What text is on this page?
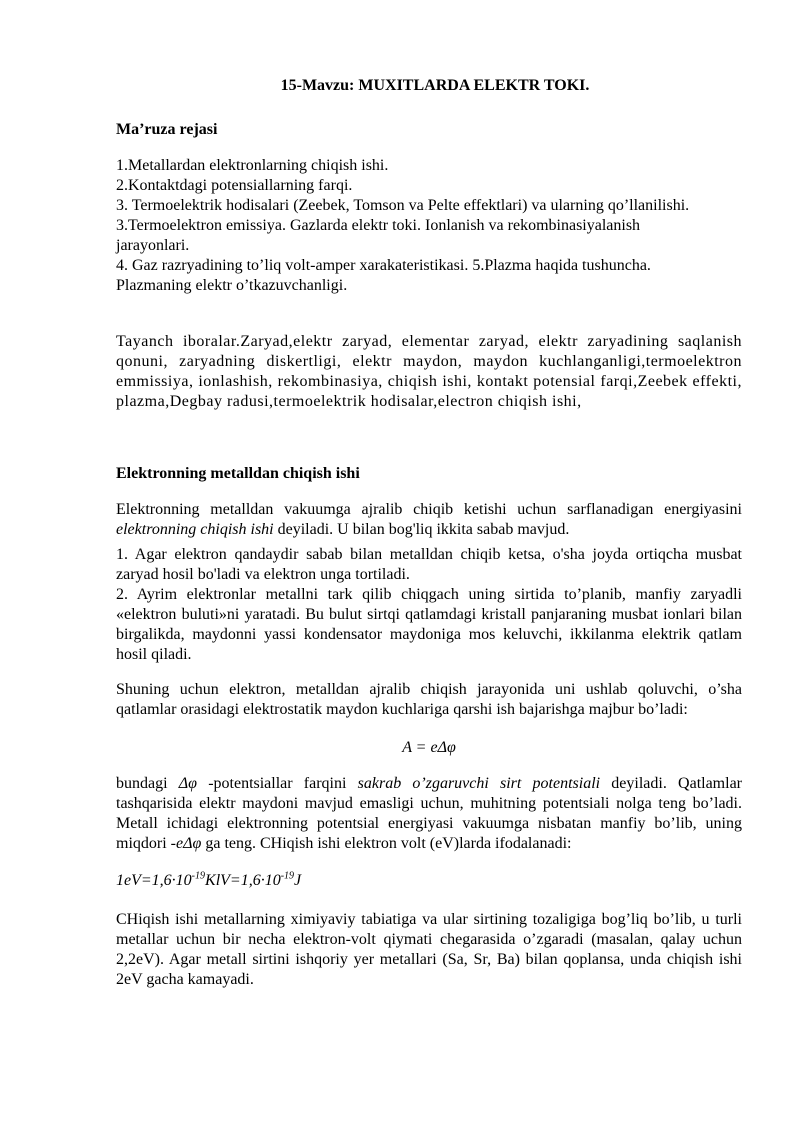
15-Mavzu: MUXITLARDA ELEKTR TOKI.
Ma’ruza rejasi
1.Metallardan elektronlarning chiqish ishi.
2.Kontaktdagi potensiallarning farqi.
3. Termoelektrik hodisalari (Zeebek, Tomson va Pelte effektlari) va ularning qo’llanilishi.
3.Termoelektron emissiya. Gazlarda elektr toki. Ionlanish va rekombinasiyalanish jarayonlari.
4. Gaz razryadining to’liq volt-amper xarakateristikasi. 5.Plazma haqida tushuncha. Plazmaning elektr o’tkazuvchanligi.
Tayanch iboralar.Zaryad,elektr zaryad, elementar zaryad, elektr zaryadining saqlanish qonuni, zaryadning diskertligi, elektr maydon, maydon kuchlanganligi,termoelektron emmissiya, ionlashish, rekombinasiya, chiqish ishi, kontakt potensial farqi,Zeebek effekti, plazma,Degbay radusi,termoelektrik hodisalar,electron chiqish ishi,
Elektronning metalldan chiqish ishi
Elektronning metalldan vakuumga ajralib chiqib ketishi uchun sarflanadigan energiyasini elektronning chiqish ishi deyiladi. U bilan bog'liq ikkita sabab mavjud.
1. Agar elektron qandaydir sabab bilan metalldan chiqib ketsa, o'sha joyda ortiqcha musbat zaryad hosil bo'ladi va elektron unga tortiladi.
2. Ayrim elektronlar metallni tark qilib chiqgach uning sirtida to’planib, manfiy zaryadli «elektron buluti»ni yaratadi. Bu bulut sirtqi qatlamdagi kristall panjaraning musbat ionlari bilan birgalikda, maydonni yassi kondensator maydoniga mos keluvchi, ikkilanma elektrik qatlam hosil qiladi.
Shuning uchun elektron, metalldan ajralib chiqish jarayonida uni ushlab qoluvchi, o’sha qatlamlar orasidagi elektrostatik maydon kuchlariga qarshi ish bajarishga majbur bo’ladi:
A = eΔφ
bundagi Δφ -potentsiallar farqini sakrab o’zgaruvchi sirt potentsiali deyiladi. Qatlamlar tashqarisida elektr maydoni mavjud emasligi uchun, muhitning potentsiali nolga teng bo’ladi. Metall ichidagi elektronning potentsial energiyasi vakuumga nisbatan manfiy bo’lib, uning miqdori -eΔφ ga teng. CHiqish ishi elektron volt (eV)larda ifodalanadi:
$1eV=1,6\cdot 10^{-19}KlV=1,6\cdot 10^{-19}J$
CHiqish ishi metallarning ximiyaviy tabiatiga va ular sirtining tozaligiga bog’liq bo’lib, u turli metallar uchun bir necha elektron-volt qiymati chegarasida o’zgaradi (masalan, qalay uchun 2,2eV). Agar metall sirtini ishqoriy yer metallari (Sa, Sr, Ba) bilan qoplansa, unda chiqish ishi 2eV gacha kamayadi.
